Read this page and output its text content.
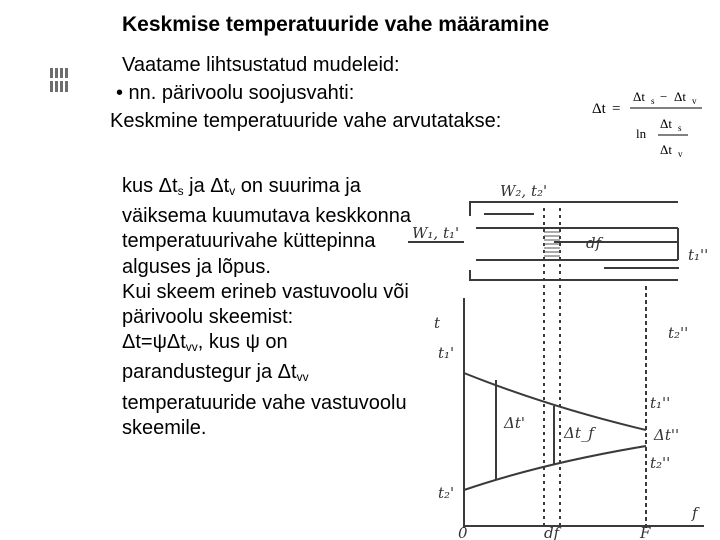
Keskmise temperatuuride vahe määramine
Vaatame lihtsustatud mudeleid:
• nn. pärivoolu soojusvahti:
Keskmine temperatuuride vahe arvutatakse:
Δt =
Δt s − Δt v
ln
Δt s
Δt v
kus $\Delta t_s$ ja $\Delta t_v$ on suurima ja väiksema kuumutava keskkonna temperatuurivahe küttepinna alguses ja lõpus.
Kui skeem erineb vastuvoolu või pärivoolu skeemist:
Δt=ψΔt$_{vv}$, kus ψ on parandustegur ja $\Delta t_{vv}$ temperatuuride vahe vastuvoolu skeemile.
W₂, t₂'
W₁, t₁'
df
t₁''
t₂''
t₁'
Δt'
Δt_f
t₁''
t₂''
Δt''
t₂'
t
f
0	df	F
